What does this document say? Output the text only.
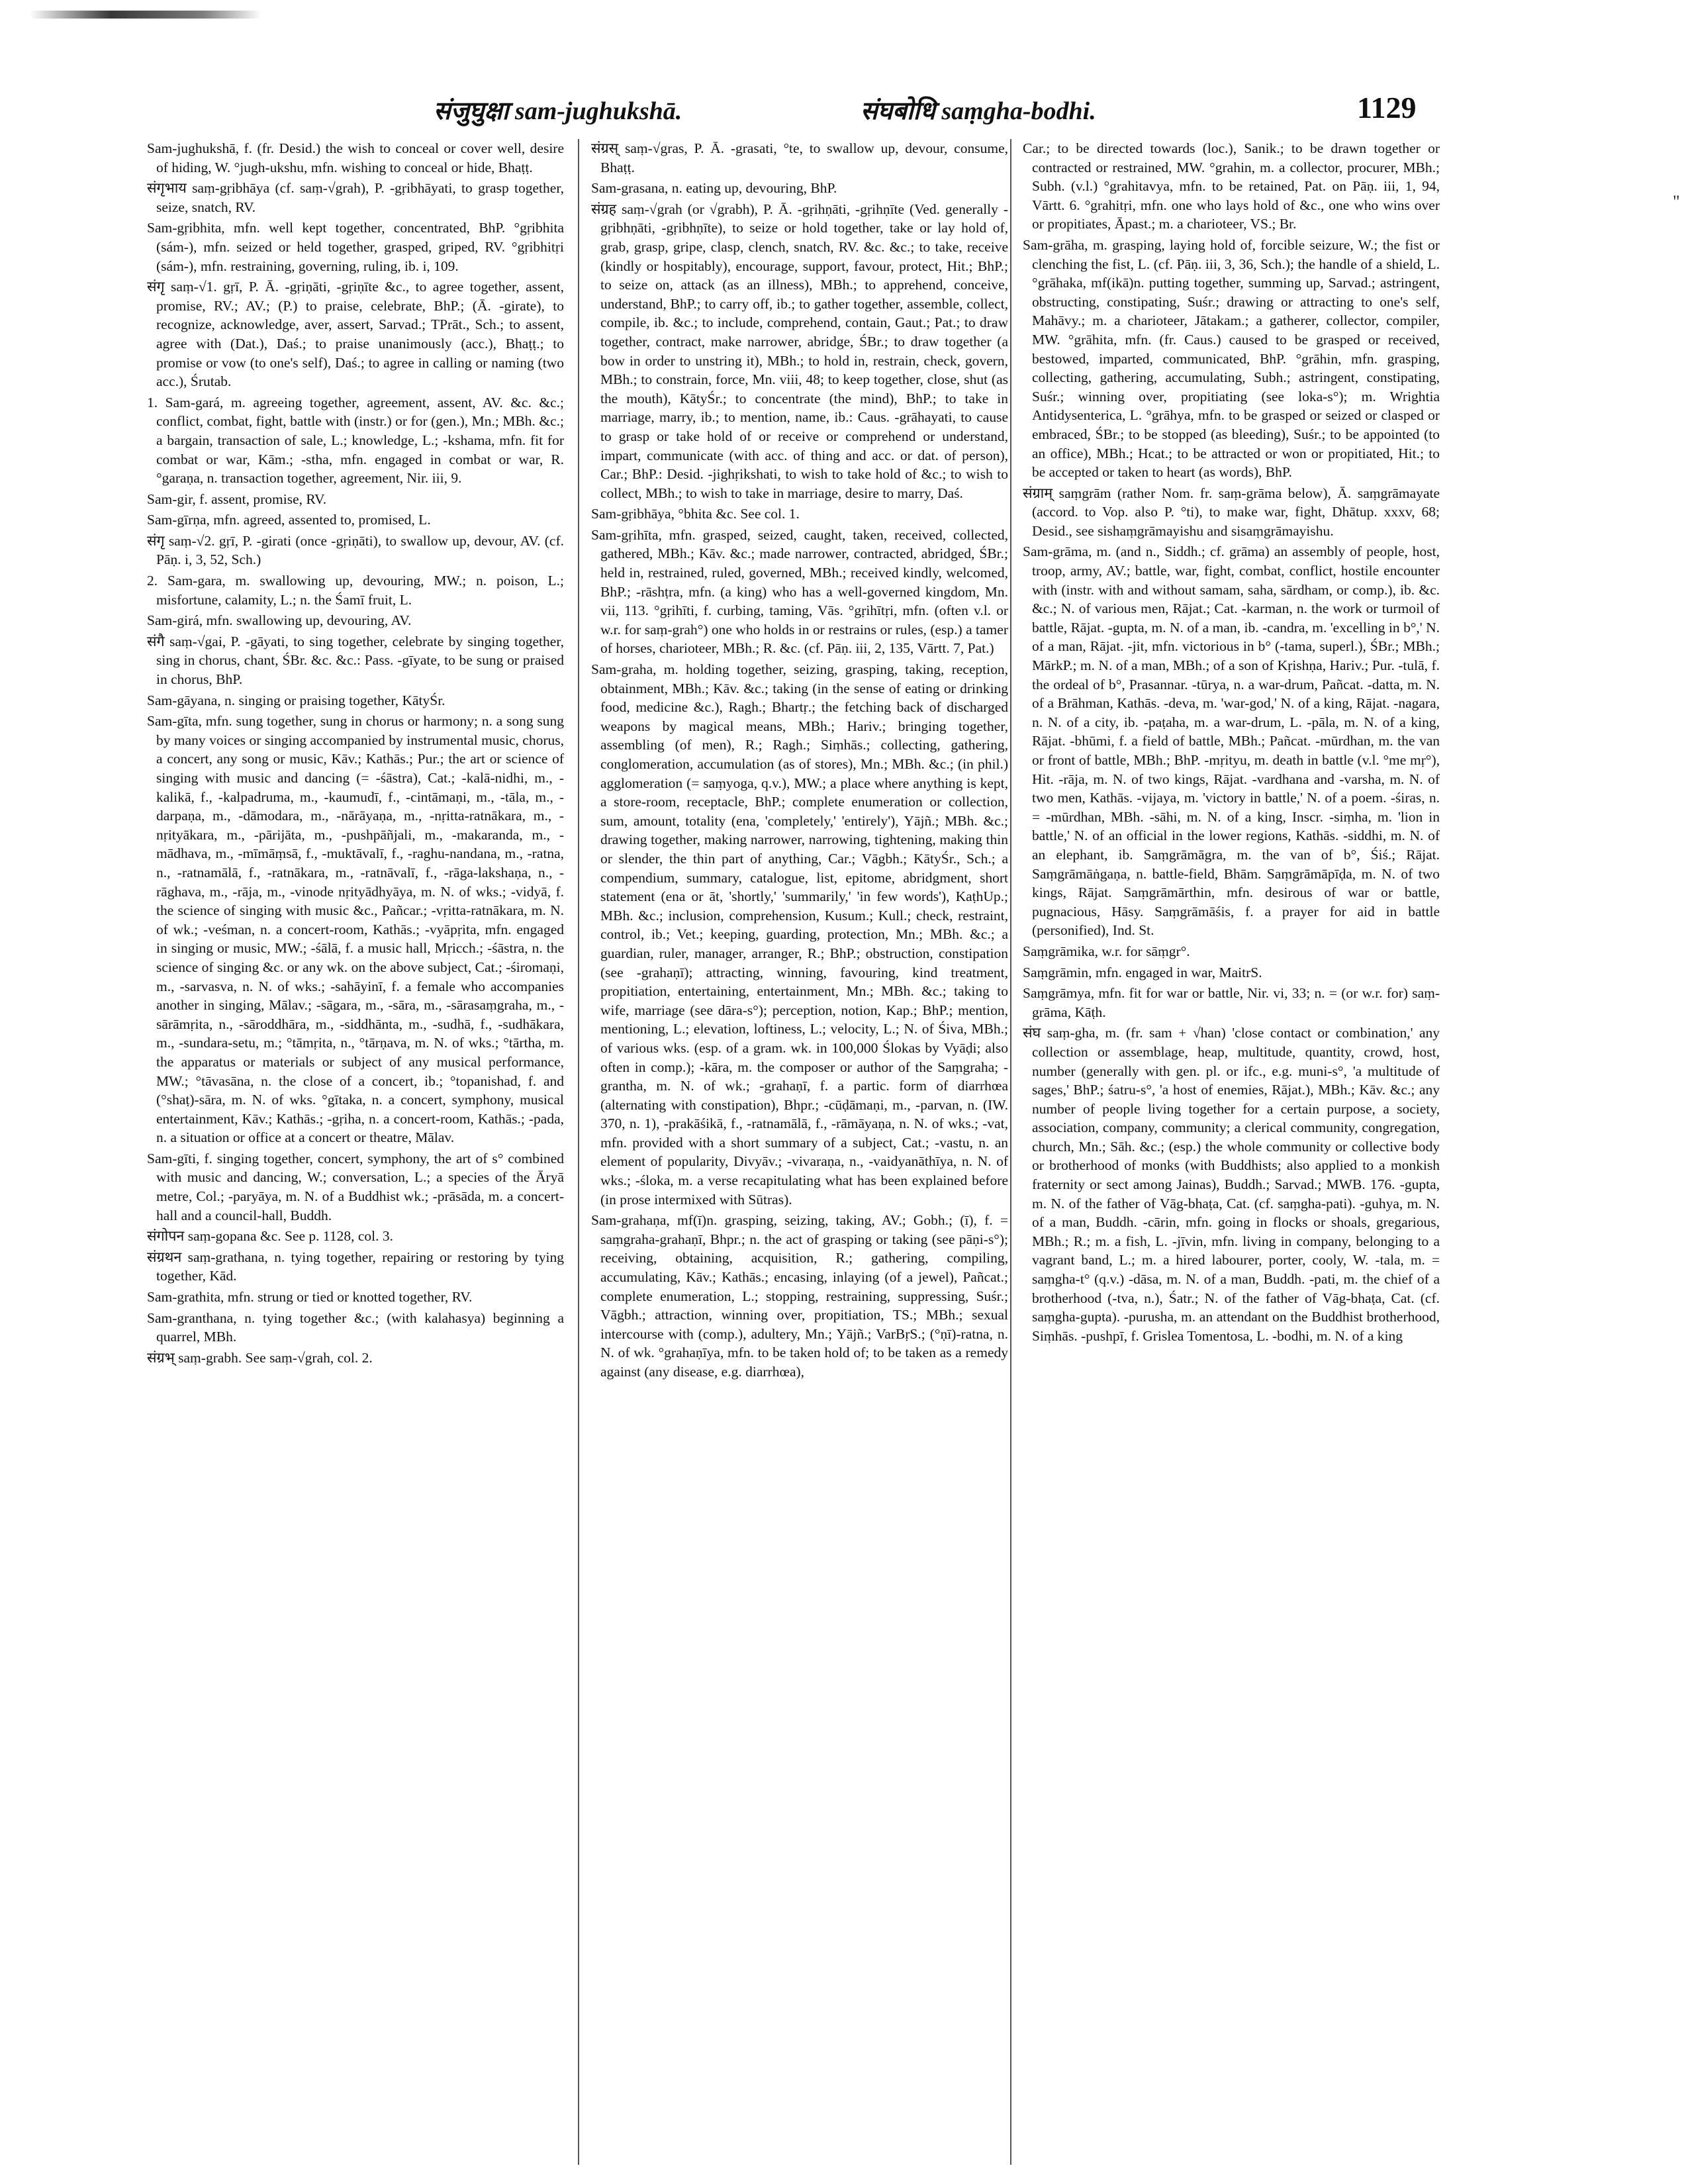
"
संजुघुक्षा sam-jughukshā.	संघबोधि saṃgha-bodhi.	1129

Sam-jughukshā, f. (fr. Desid.) the wish to conceal or cover well, desire of hiding, W. °jugh-ukshu, mfn. wishing to conceal or hide, Bhaṭṭ.

संगृभाय saṃ-gṛibhāya (cf. saṃ-√grah), P. -gṛibhāyati, to grasp together, seize, snatch, RV.

Sam-gṛibhita, mfn. well kept together, concentrated, BhP. °gṛibhita (sám-), mfn. seized or held together, grasped, griped, RV. °gṛibhitṛi (sám-), mfn. restraining, governing, ruling, ib. i, 109.

संगृ saṃ-√1. gṛī, P. Ā. -gṛiṇāti, -gṛiṇīte &c., to agree together, assent, promise, RV.; AV.; (P.) to praise, celebrate, BhP.; (Ā. -girate), to recognize, acknowledge, aver, assert, Sarvad.; TPrāt., Sch.; to assent, agree with (Dat.), Daś.; to praise unanimously (acc.), Bhaṭṭ.; to promise or vow (to one's self), Daś.; to agree in calling or naming (two acc.), Śrutab.

1. Sam-gará, m. agreeing together, agreement, assent, AV. &c. &c.; conflict, combat, fight, battle with (instr.) or for (gen.), Mn.; MBh. &c.; a bargain, transaction of sale, L.; knowledge, L.; -kshama, mfn. fit for combat or war, Kām.; -stha, mfn. engaged in combat or war, R. °garaṇa, n. transaction together, agreement, Nir. iii, 9.

Sam-gir, f. assent, promise, RV.

Sam-gīrṇa, mfn. agreed, assented to, promised, L.

संगृ saṃ-√2. gṛī, P. -girati (once -gṛiṇāti), to swallow up, devour, AV. (cf. Pāṇ. i, 3, 52, Sch.)

2. Sam-gara, m. swallowing up, devouring, MW.; n. poison, L.; misfortune, calamity, L.; n. the Śamī fruit, L.

Sam-girá, mfn. swallowing up, devouring, AV.

संगै saṃ-√gai, P. -gāyati, to sing together, celebrate by singing together, sing in chorus, chant, ŚBr. &c. &c.: Pass. -gīyate, to be sung or praised in chorus, BhP.

Sam-gāyana, n. singing or praising together, KātyŚr.

Sam-gīta, mfn. sung together, sung in chorus or harmony; n. a song sung by many voices or singing accompanied by instrumental music, chorus, a concert, any song or music, Kāv.; Kathās.; Pur.; the art or science of singing with music and dancing (= -śāstra), Cat.; -kalā-nidhi, m., -kalikā, f., -kalpadruma, m., -kaumudī, f., -cintāmaṇi, m., -tāla, m., -darpaṇa, m., -dāmodara, m., -nārāyaṇa, m., -nṛitta-ratnākara, m., -nṛityākara, m., -pārijāta, m., -pushpāñjali, m., -makaranda, m., -mādhava, m., -mīmāṃsā, f., -muktāvalī, f., -raghu-nandana, m., -ratna, n., -ratnamālā, f., -ratnākara, m., -ratnāvalī, f., -rāga-lakshaṇa, n., -rāghava, m., -rāja, m., -vinode nṛityādhyāya, m. N. of wks.; -vidyā, f. the science of singing with music &c., Pañcar.; -vṛitta-ratnākara, m. N. of wk.; -veśman, n. a concert-room, Kathās.; -vyāpṛita, mfn. engaged in singing or music, MW.; -śālā, f. a music hall, Mṛicch.; -śāstra, n. the science of singing &c. or any wk. on the above subject, Cat.; -śiromaṇi, m., -sarvasva, n. N. of wks.; -sahāyinī, f. a female who accompanies another in singing, Mālav.; -sāgara, m., -sāra, m., -sārasaṃgraha, m., -sārāmṛita, n., -sāroddhāra, m., -siddhānta, m., -sudhā, f., -sudhākara, m., -sundara-setu, m.; °tāmṛita, n., °tārṇava, m. N. of wks.; °tārtha, m. the apparatus or materials or subject of any musical performance, MW.; °tāvasāna, n. the close of a concert, ib.; °topanishad, f. and (°shaṭ)-sāra, m. N. of wks. °gītaka, n. a concert, symphony, musical entertainment, Kāv.; Kathās.; -gṛiha, n. a concert-room, Kathās.; -pada, n. a situation or office at a concert or theatre, Mālav.

Sam-gīti, f. singing together, concert, symphony, the art of s° combined with music and dancing, W.; conversation, L.; a species of the Āryā metre, Col.; -paryāya, m. N. of a Buddhist wk.; -prāsāda, m. a concert-hall and a council-hall, Buddh.

संगोपन saṃ-gopana &c. See p. 1128, col. 3.

संग्रथन saṃ-grathana, n. tying together, repairing or restoring by tying together, Kād.

Sam-grathita, mfn. strung or tied or knotted together, RV.

Sam-granthana, n. tying together &c.; (with kalahasya) beginning a quarrel, MBh.

संग्रभ् saṃ-grabh. See saṃ-√grah, col. 2.

संग्रस् saṃ-√gras, P. Ā. -grasati, °te, to swallow up, devour, consume, Bhaṭṭ.

Sam-grasana, n. eating up, devouring, BhP.

संग्रह saṃ-√grah (or √grabh), P. Ā. -gṛihṇāti, -gṛihṇīte (Ved. generally -gṛibhṇāti, -gṛibhṇīte), to seize or hold together, take or lay hold of, grab, grasp, gripe, clasp, clench, snatch, RV. &c. &c.; to take, receive (kindly or hospitably), encourage, support, favour, protect, Hit.; BhP.; to seize on, attack (as an illness), MBh.; to apprehend, conceive, understand, BhP.; to carry off, ib.; to gather together, assemble, collect, compile, ib. &c.; to include, comprehend, contain, Gaut.; Pat.; to draw together, contract, make narrower, abridge, ŚBr.; to draw together (a bow in order to unstring it), MBh.; to hold in, restrain, check, govern, MBh.; to constrain, force, Mn. viii, 48; to keep together, close, shut (as the mouth), KātyŚr.; to concentrate (the mind), BhP.; to take in marriage, marry, ib.; to mention, name, ib.: Caus. -grāhayati, to cause to grasp or take hold of or receive or comprehend or understand, impart, communicate (with acc. of thing and acc. or dat. of person), Car.; BhP.: Desid. -jighṛikshati, to wish to take hold of &c.; to wish to collect, MBh.; to wish to take in marriage, desire to marry, Daś.

Sam-gṛibhāya, °bhita &c. See col. 1.

Sam-gṛihīta, mfn. grasped, seized, caught, taken, received, collected, gathered, MBh.; Kāv. &c.; made narrower, contracted, abridged, ŚBr.; held in, restrained, ruled, governed, MBh.; received kindly, welcomed, BhP.; -rāshṭra, mfn. (a king) who has a well-governed kingdom, Mn. vii, 113. °gṛihīti, f. curbing, taming, Vās. °gṛihītṛi, mfn. (often v.l. or w.r. for saṃ-grah°) one who holds in or restrains or rules, (esp.) a tamer of horses, charioteer, MBh.; R. &c. (cf. Pāṇ. iii, 2, 135, Vārtt. 7, Pat.)

Sam-graha, m. holding together, seizing, grasping, taking, reception, obtainment, MBh.; Kāv. &c.; taking (in the sense of eating or drinking food, medicine &c.), Ragh.; Bhartṛ.; the fetching back of discharged weapons by magical means, MBh.; Hariv.; bringing together, assembling (of men), R.; Ragh.; Siṃhās.; collecting, gathering, conglomeration, accumulation (as of stores), Mn.; MBh. &c.; (in phil.) agglomeration (= saṃyoga, q.v.), MW.; a place where anything is kept, a store-room, receptacle, BhP.; complete enumeration or collection, sum, amount, totality (ena, 'completely,' 'entirely'), Yājñ.; MBh. &c.; drawing together, making narrower, narrowing, tightening, making thin or slender, the thin part of anything, Car.; Vāgbh.; KātyŚr., Sch.; a compendium, summary, catalogue, list, epitome, abridgment, short statement (ena or āt, 'shortly,' 'summarily,' 'in few words'), KaṭhUp.; MBh. &c.; inclusion, comprehension, Kusum.; Kull.; check, restraint, control, ib.; Vet.; keeping, guarding, protection, Mn.; MBh. &c.; a guardian, ruler, manager, arranger, R.; BhP.; obstruction, constipation (see -grahaṇī); attracting, winning, favouring, kind treatment, propitiation, entertaining, entertainment, Mn.; MBh. &c.; taking to wife, marriage (see dāra-s°); perception, notion, Kap.; BhP.; mention, mentioning, L.; elevation, loftiness, L.; velocity, L.; N. of Śiva, MBh.; of various wks. (esp. of a gram. wk. in 100,000 Ślokas by Vyāḍi; also often in comp.); -kāra, m. the composer or author of the Saṃgraha; -grantha, m. N. of wk.; -grahaṇī, f. a partic. form of diarrhœa (alternating with constipation), Bhpr.; -cūḍāmaṇi, m., -parvan, n. (IW. 370, n. 1), -prakāśikā, f., -ratnamālā, f., -rāmāyaṇa, n. N. of wks.; -vat, mfn. provided with a short summary of a subject, Cat.; -vastu, n. an element of popularity, Divyāv.; -vivaraṇa, n., -vaidyanāthīya, n. N. of wks.; -śloka, m. a verse recapitulating what has been explained before (in prose intermixed with Sūtras).

Sam-grahaṇa, mf(ī)n. grasping, seizing, taking, AV.; Gobh.; (ī), f. = saṃgraha-grahaṇī, Bhpr.; n. the act of grasping or taking (see pāṇi-s°); receiving, obtaining, acquisition, R.; gathering, compiling, accumulating, Kāv.; Kathās.; encasing, inlaying (of a jewel), Pañcat.; complete enumeration, L.; stopping, restraining, suppressing, Suśr.; Vāgbh.; attraction, winning over, propitiation, TS.; MBh.; sexual intercourse with (comp.), adultery, Mn.; Yājñ.; VarBṛS.; (°ṇī)-ratna, n. N. of wk. °grahaṇīya, mfn. to be taken hold of; to be taken as a remedy against (any disease, e.g. diarrhœa),

Car.; to be directed towards (loc.), Sanik.; to be drawn together or contracted or restrained, MW. °grahin, m. a collector, procurer, MBh.; Subh. (v.l.) °grahitavya, mfn. to be retained, Pat. on Pāṇ. iii, 1, 94, Vārtt. 6. °grahitṛi, mfn. one who lays hold of &c., one who wins over or propitiates, Āpast.; m. a charioteer, VS.; Br.

Sam-grāha, m. grasping, laying hold of, forcible seizure, W.; the fist or clenching the fist, L. (cf. Pāṇ. iii, 3, 36, Sch.); the handle of a shield, L. °grāhaka, mf(ikā)n. putting together, summing up, Sarvad.; astringent, obstructing, constipating, Suśr.; drawing or attracting to one's self, Mahāvy.; m. a charioteer, Jātakam.; a gatherer, collector, compiler, MW. °grāhita, mfn. (fr. Caus.) caused to be grasped or received, bestowed, imparted, communicated, BhP. °grāhin, mfn. grasping, collecting, gathering, accumulating, Subh.; astringent, constipating, Suśr.; winning over, propitiating (see loka-s°); m. Wrightia Antidysenterica, L. °grāhya, mfn. to be grasped or seized or clasped or embraced, ŚBr.; to be stopped (as bleeding), Suśr.; to be appointed (to an office), MBh.; Hcat.; to be attracted or won or propitiated, Hit.; to be accepted or taken to heart (as words), BhP.

संग्राम् saṃgrām (rather Nom. fr. saṃ-grāma below), Ā. saṃgrāmayate (accord. to Vop. also P. °ti), to make war, fight, Dhātup. xxxv, 68; Desid., see sishaṃgrāmayishu and sisaṃgrāmayishu.

Sam-grāma, m. (and n., Siddh.; cf. grāma) an assembly of people, host, troop, army, AV.; battle, war, fight, combat, conflict, hostile encounter with (instr. with and without samam, saha, sārdham, or comp.), ib. &c. &c.; N. of various men, Rājat.; Cat. -karman, n. the work or turmoil of battle, Rājat. -gupta, m. N. of a man, ib. -candra, m. 'excelling in b°,' N. of a man, Rājat. -jit, mfn. victorious in b° (-tama, superl.), ŚBr.; MBh.; MārkP.; m. N. of a man, MBh.; of a son of Kṛishṇa, Hariv.; Pur. -tulā, f. the ordeal of b°, Prasannar. -tūrya, n. a war-drum, Pañcat. -datta, m. N. of a Brāhman, Kathās. -deva, m. 'war-god,' N. of a king, Rājat. -nagara, n. N. of a city, ib. -paṭaha, m. a war-drum, L. -pāla, m. N. of a king, Rājat. -bhūmi, f. a field of battle, MBh.; Pañcat. -mūrdhan, m. the van or front of battle, MBh.; BhP. -mṛityu, m. death in battle (v.l. °me mṛ°), Hit. -rāja, m. N. of two kings, Rājat. -vardhana and -varsha, m. N. of two men, Kathās. -vijaya, m. 'victory in battle,' N. of a poem. -śiras, n. = -mūrdhan, MBh. -sāhi, m. N. of a king, Inscr. -siṃha, m. 'lion in battle,' N. of an official in the lower regions, Kathās. -siddhi, m. N. of an elephant, ib. Saṃgrāmāgra, m. the van of b°, Śiś.; Rājat. Saṃgrāmāṅgaṇa, n. battle-field, Bhām. Saṃgrāmāpīḍa, m. N. of two kings, Rājat. Saṃgrāmārthin, mfn. desirous of war or battle, pugnacious, Hāsy. Saṃgrāmāśis, f. a prayer for aid in battle (personified), Ind. St.

Saṃgrāmika, w.r. for sāṃgr°.

Saṃgrāmin, mfn. engaged in war, MaitrS.

Saṃgrāmya, mfn. fit for war or battle, Nir. vi, 33; n. = (or w.r. for) saṃ-grāma, Kāṭh.

संघ saṃ-gha, m. (fr. sam + √han) 'close contact or combination,' any collection or assemblage, heap, multitude, quantity, crowd, host, number (generally with gen. pl. or ifc., e.g. muni-s°, 'a multitude of sages,' BhP.; śatru-s°, 'a host of enemies, Rājat.), MBh.; Kāv. &c.; any number of people living together for a certain purpose, a society, association, company, community; a clerical community, congregation, church, Mn.; Sāh. &c.; (esp.) the whole community or collective body or brotherhood of monks (with Buddhists; also applied to a monkish fraternity or sect among Jainas), Buddh.; Sarvad.; MWB. 176. -gupta, m. N. of the father of Vāg-bhaṭa, Cat. (cf. saṃgha-pati). -guhya, m. N. of a man, Buddh. -cārin, mfn. going in flocks or shoals, gregarious, MBh.; R.; m. a fish, L. -jīvin, mfn. living in company, belonging to a vagrant band, L.; m. a hired labourer, porter, cooly, W. -tala, m. = saṃgha-t° (q.v.) -dāsa, m. N. of a man, Buddh. -pati, m. the chief of a brotherhood (-tva, n.), Śatr.; N. of the father of Vāg-bhaṭa, Cat. (cf. saṃgha-gupta). -purusha, m. an attendant on the Buddhist brotherhood, Siṃhās. -pushpī, f. Grislea Tomentosa, L. -bodhi, m. N. of a king
